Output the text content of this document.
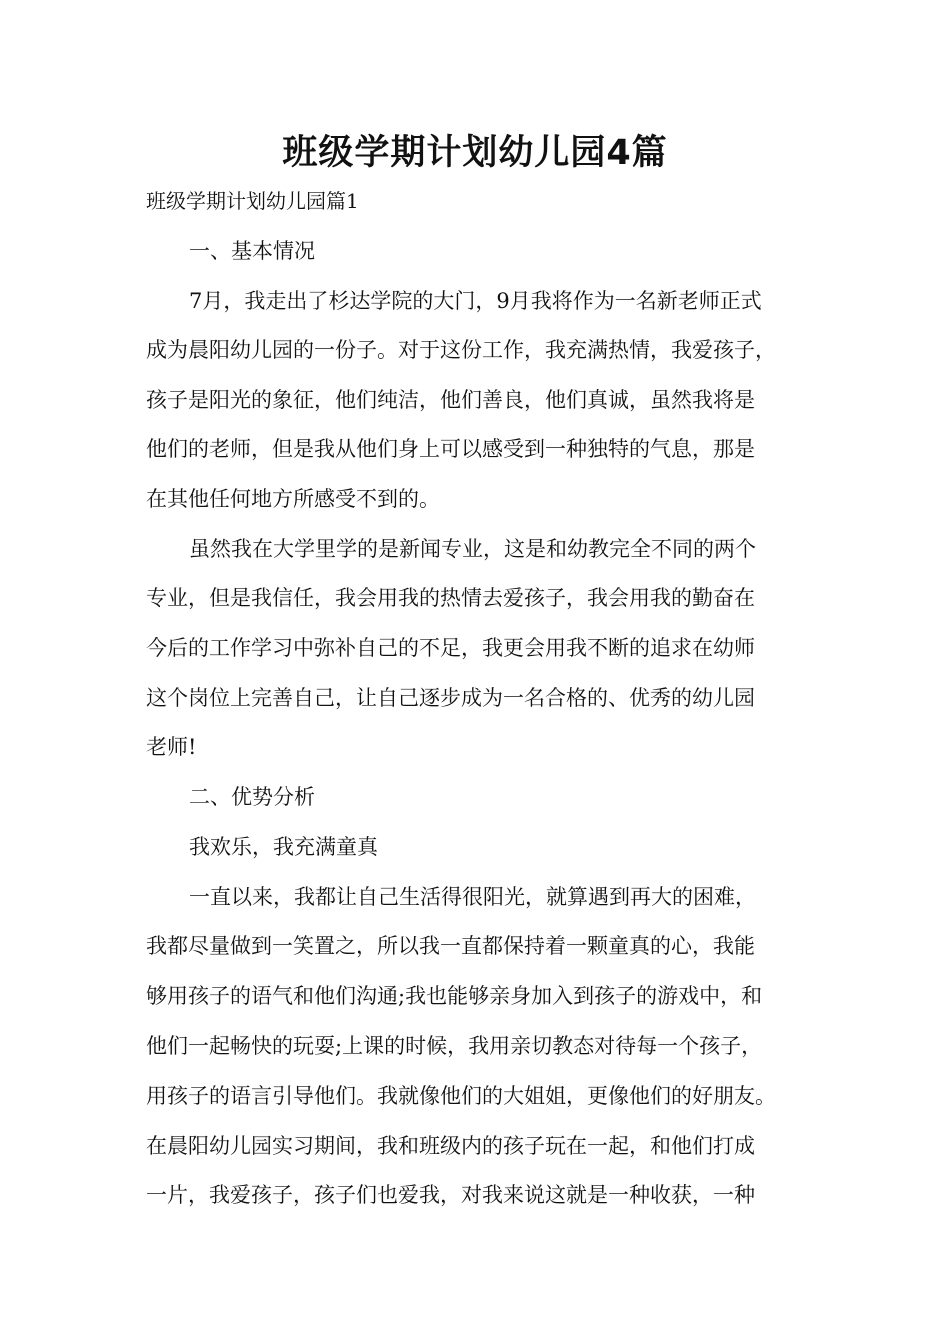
班级学期计划幼儿园4篇

班级学期计划幼儿园篇1

一、基本情况

7月，我走出了杉达学院的大门，9月我将作为一名新老师正式

成为晨阳幼儿园的一份子。对于这份工作，我充满热情，我爱孩子，

孩子是阳光的象征，他们纯洁，他们善良，他们真诚，虽然我将是

他们的老师，但是我从他们身上可以感受到一种独特的气息，那是

在其他任何地方所感受不到的。

虽然我在大学里学的是新闻专业，这是和幼教完全不同的两个

专业，但是我信任，我会用我的热情去爱孩子，我会用我的勤奋在

今后的工作学习中弥补自己的不足，我更会用我不断的追求在幼师

这个岗位上完善自己，让自己逐步成为一名合格的、优秀的幼儿园

老师!

二、优势分析

我欢乐，我充满童真

一直以来，我都让自己生活得很阳光，就算遇到再大的困难，

我都尽量做到一笑置之，所以我一直都保持着一颗童真的心，我能

够用孩子的语气和他们沟通;我也能够亲身加入到孩子的游戏中，和

他们一起畅快的玩耍;上课的时候，我用亲切教态对待每一个孩子，

用孩子的语言引导他们。我就像他们的大姐姐，更像他们的好朋友。

在晨阳幼儿园实习期间，我和班级内的孩子玩在一起，和他们打成

一片，我爱孩子，孩子们也爱我，对我来说这就是一种收获，一种
